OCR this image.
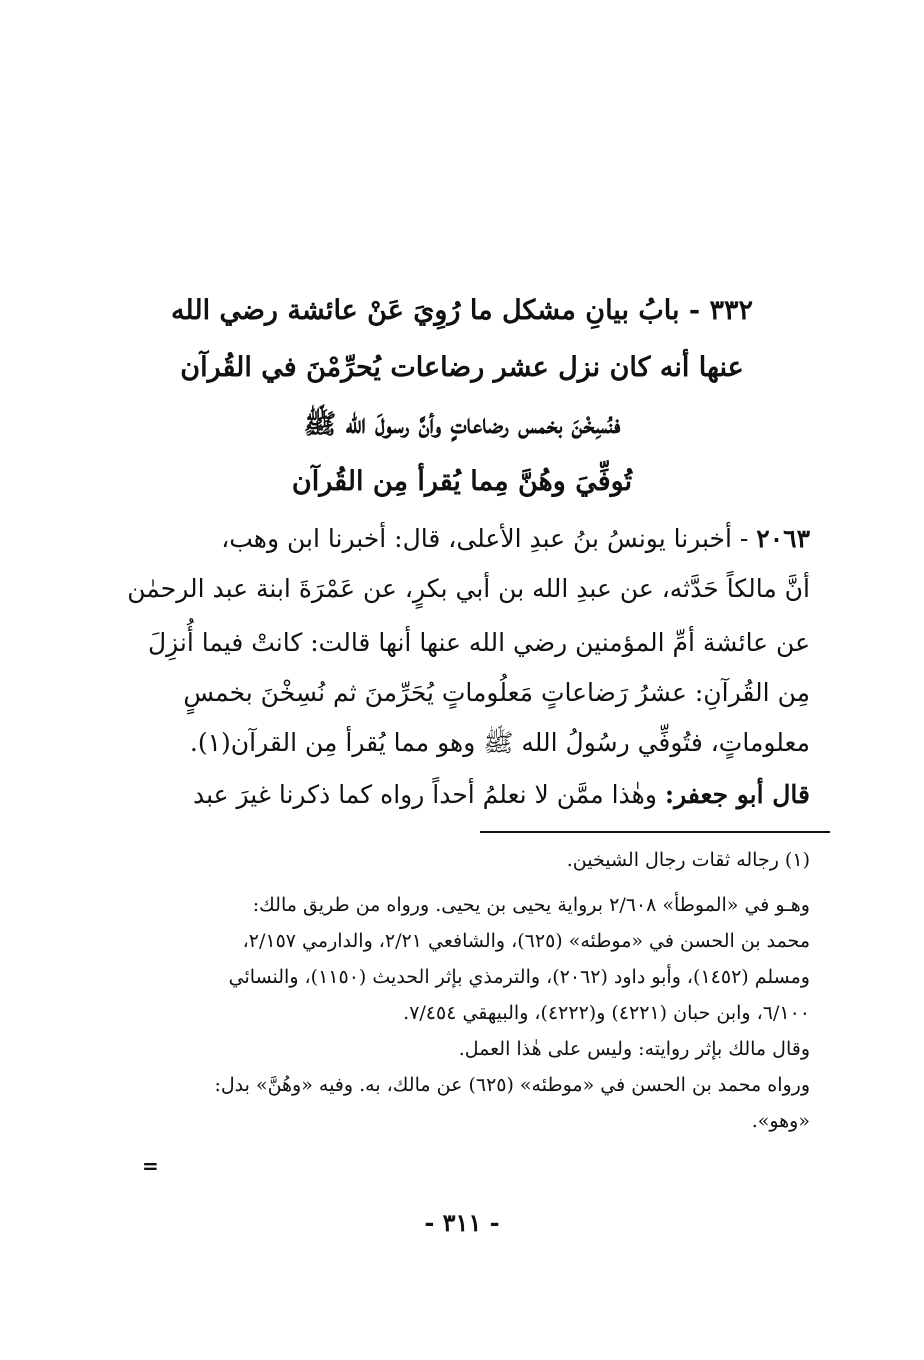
٣٣٢ - بابُ بيانِ مشكل ما رُوِيَ عَنْ عائشة رضي الله
عنها أنه كان نزل عشر رضاعات يُحرِّمْنَ في القُرآن
فنُسِخْنَ بخمس رضاعاتٍ وأنَّ رسولَ الله ﷺ
تُوفِّيَ وهُنَّ مِما يُقرأ مِن القُرآن
٢٠٦٣ - أخبرنا يونسُ بنُ عبدِ الأعلى، قال: أخبرنا ابن وهب،
أنَّ مالكاً حَدَّثه، عن عبدِ الله بن أبي بكرٍ، عن عَمْرَةَ ابنة عبد الرحمٰن
عن عائشة أمِّ المؤمنين رضي الله عنها أنها قالت: كانتْ فيما أُنزِلَ
مِن القُرآنِ: عشرُ رَضاعاتٍ مَعلُوماتٍ يُحَرِّمنَ ثم نُسِخْنَ بخمسٍ
معلوماتٍ، فتُوفِّي رسُولُ الله ﷺ وهو مما يُقرأ مِن القرآن(١).
قال أبو جعفر: وهٰذا ممَّن لا نعلمُ أحداً رواه كما ذكرنا غيرَ عبد
(١) رجاله ثقات رجال الشيخين.
وهـو في «الموطأ» ٢/٦٠٨ برواية يحيى بن يحيى. ورواه من طريق مالك:
محمد بن الحسن في «موطئه» (٦٢٥)، والشافعي ٢/٢١، والدارمي ٢/١٥٧،
ومسلم (١٤٥٢)، وأبو داود (٢٠٦٢)، والترمذي بإثر الحديث (١١٥٠)، والنسائي
٦/١٠٠، وابن حبان (٤٢٢١) و(٤٢٢٢)، والبيهقي ٧/٤٥٤.
وقال مالك بإثر روايته: وليس على هٰذا العمل.
ورواه محمد بن الحسن في «موطئه» (٦٢٥) عن مالك، به. وفيه «وهُنَّ» بدل:
«وهو».
=
- ٣١١ -
